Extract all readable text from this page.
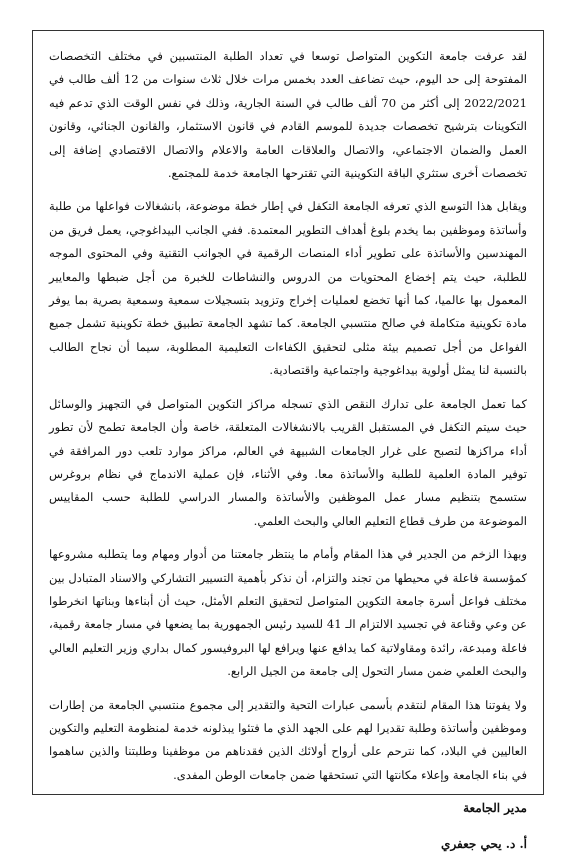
لقد عرفت جامعة التكوين المتواصل توسعا في تعداد الطلبة المنتسبين في مختلف التخصصات المفتوحة إلى حد اليوم، حيث تضاعف العدد بخمس مرات خلال ثلاث سنوات من 12 ألف طالب في 2022/2021 إلى أكثر من 70 ألف طالب في السنة الجارية، وذلك في نفس الوقت الذي تدعم فيه التكوينات بترشيح تخصصات جديدة للموسم القادم في قانون الاستثمار، والقانون الجنائي، وقانون العمل والضمان الاجتماعي، والاتصال والعلاقات العامة والاعلام والاتصال الاقتصادي إضافة إلى تخصصات أخرى ستثري الباقة التكوينية التي تقترحها الجامعة خدمة للمجتمع.

ويقابل هذا التوسع الذي تعرفه الجامعة التكفل في إطار خطة موضوعة، بانشغالات فواعلها من طلبة وأساتذة وموظفين بما يخدم بلوغ أهداف التطوير المعتمدة. ففي الجانب البيداغوجي، يعمل فريق من المهندسين والأساتذة على تطوير أداء المنصات الرقمية في الجوانب التقنية وفي المحتوى الموجه للطلبة، حيث يتم إخضاع المحتويات من الدروس والنشاطات للخبرة من أجل ضبطها والمعايير المعمول بها عالميا، كما أنها تخضع لعمليات إخراج وتزويد بتسجيلات سمعية وسمعية بصرية بما يوفر مادة تكوينية متكاملة في صالح منتسبي الجامعة. كما تشهد الجامعة تطبيق خطة تكوينية تشمل جميع الفواعل من أجل تصميم بيئة مثلى لتحقيق الكفاءات التعليمية المطلوبة، سيما أن نجاح الطالب بالنسبة لنا يمثل أولوية بيداغوجية واجتماعية واقتصادية.

كما تعمل الجامعة على تدارك النقص الذي تسجله مراكز التكوين المتواصل في التجهيز والوسائل حيث سيتم التكفل في المستقبل القريب بالانشغالات المتعلقة، خاصة وأن الجامعة تطمح لأن تطور أداء مراكزها لتصبح على غرار الجامعات الشبيهة في العالم، مراكز موارد تلعب دور المرافقة في توفير المادة العلمية للطلبة والأساتذة معا. وفي الأثناء، فإن عملية الاندماج في نظام بروغرس ستسمح بتنظيم مسار عمل الموظفين والأساتذة والمسار الدراسي للطلبة حسب المقاييس الموضوعة من طرف قطاع التعليم العالي والبحث العلمي.

وبهذا الزخم من الجدير في هذا المقام وأمام ما ينتظر جامعتنا من أدوار ومهام وما يتطلبه مشروعها كمؤسسة فاعلة في محيطها من تجند والتزام، أن نذكر بأهمية التسيير التشاركي والاسناد المتبادل بين مختلف فواعل أسرة جامعة التكوين المتواصل لتحقيق التعلم الأمثل، حيث أن أبناءها وبناتها انخرطوا عن وعي وقناعة في تجسيد الالتزام الـ 41 للسيد رئيس الجمهورية بما يضعها في مسار جامعة رقمية، فاعلة ومبدعة، رائدة ومقاولاتية كما يدافع عنها ويرافع لها البروفيسور كمال بداري وزير التعليم العالي والبحث العلمي ضمن مسار التحول إلى جامعة من الجيل الرابع.

ولا يفوتنا هذا المقام لنتقدم بأسمى عبارات التحية والتقدير إلى مجموع منتسبي الجامعة من إطارات وموظفين وأساتذة وطلبة تقديرا لهم على الجهد الذي ما فتئوا يبذلونه خدمة لمنظومة التعليم والتكوين العاليين في البلاد، كما نترحم على أرواح أولائك الذين فقدناهم من موظفينا وطلبتنا والذين ساهموا في بناء الجامعة وإعلاء مكانتها التي تستحقها ضمن جامعات الوطن المفدى.

مدير الجامعة
أ. د. يحي جعفري
